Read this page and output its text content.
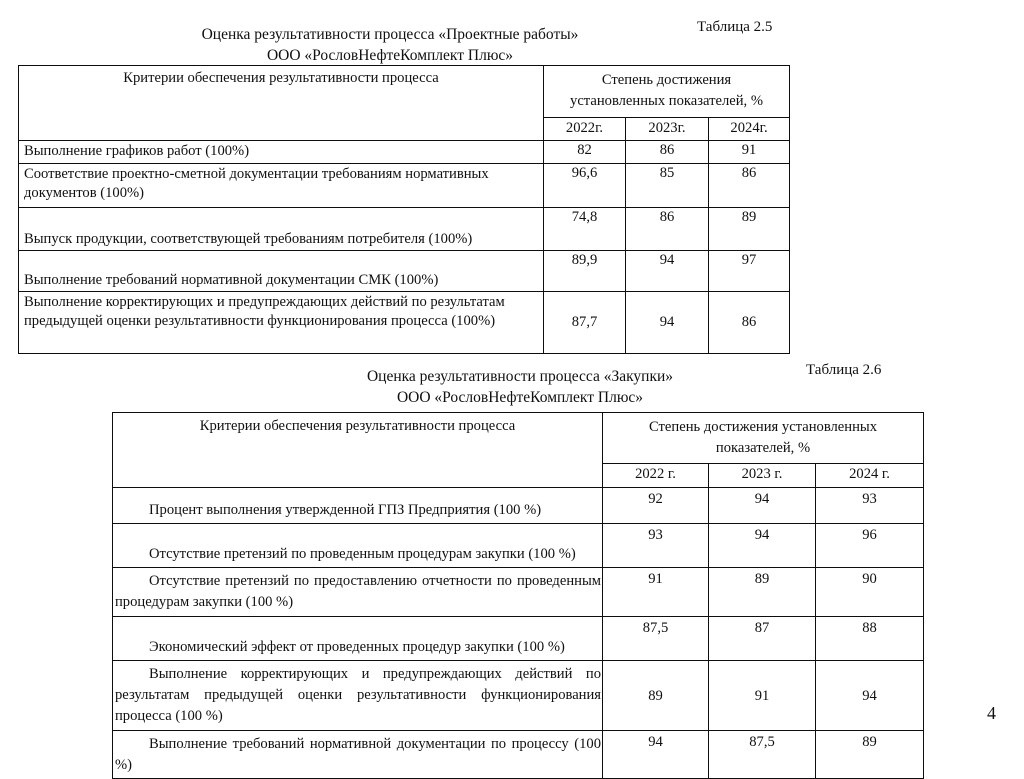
Таблица 2.5
Оценка результативности процесса «Проектные работы»
ООО «РословНефтеКомплект Плюс»
Критерии обеспечения результативности процесса	Степень достижения
установленных показателей, %		

	2022г.	2023г.	2024г.
Выполнение графиков работ (100%)	82	86	91
Соответствие проектно-сметной документации требованиям нормативных документов (100%)	96,6	85	86
Выпуск продукции, соответствующей требованиям потребителя (100%)	74,8	86	89
Выполнение требований нормативной документации СМК (100%)	89,9	94	97
Выполнение корректирующих и предупреждающих действий по результатам предыдущей оценки результативности функционирования процесса (100%)	87,7	94	86
Таблица 2.6
Оценка результативности процесса «Закупки»
ООО «РословНефтеКомплект Плюс»
Критерии обеспечения результативности процесса	Степень достижения установленных
показателей, %		

	2022 г.	2023 г.	2024 г.
Процент выполнения утвержденной ГПЗ Предприятия (100 %)	92	94	93
Отсутствие претензий по проведенным процедурам закупки (100 %)	93	94	96
Отсутствие претензий по предоставлению отчетности по проведенным процедурам закупки (100 %)	91	89	90
Экономический эффект от проведенных процедур закупки (100 %)	87,5	87	88
Выполнение корректирующих и предупреждающих действий по результатам предыдущей оценки результативности функционирования процесса (100 %)	89	91	94
Выполнение требований нормативной документации по процессу (100 %)	94	87,5	89
4
